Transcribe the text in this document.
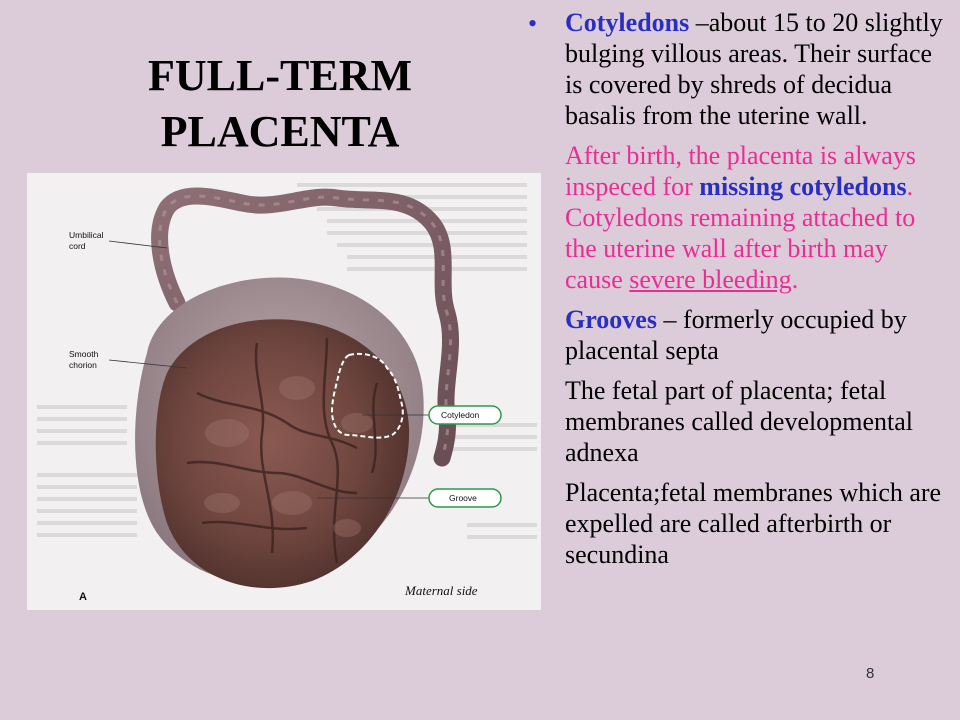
FULL-TERM
PLACENTA
Umbilical
cord
Smooth
chorion
Cotyledon
Groove
A	Maternal side
• Cotyledons –about 15 to 20 slightly bulging villous areas. Their surface is covered by shreds of decidua basalis from the uterine wall.

After birth, the placenta is always inspeced for missing cotyledons. Cotyledons remaining attached to the uterine wall after birth may cause severe bleeding.

Grooves – formerly occupied by placental septa

The fetal part of placenta; fetal membranes called developmental adnexa

Placenta;fetal membranes which are expelled are called afterbirth or secundina

8
